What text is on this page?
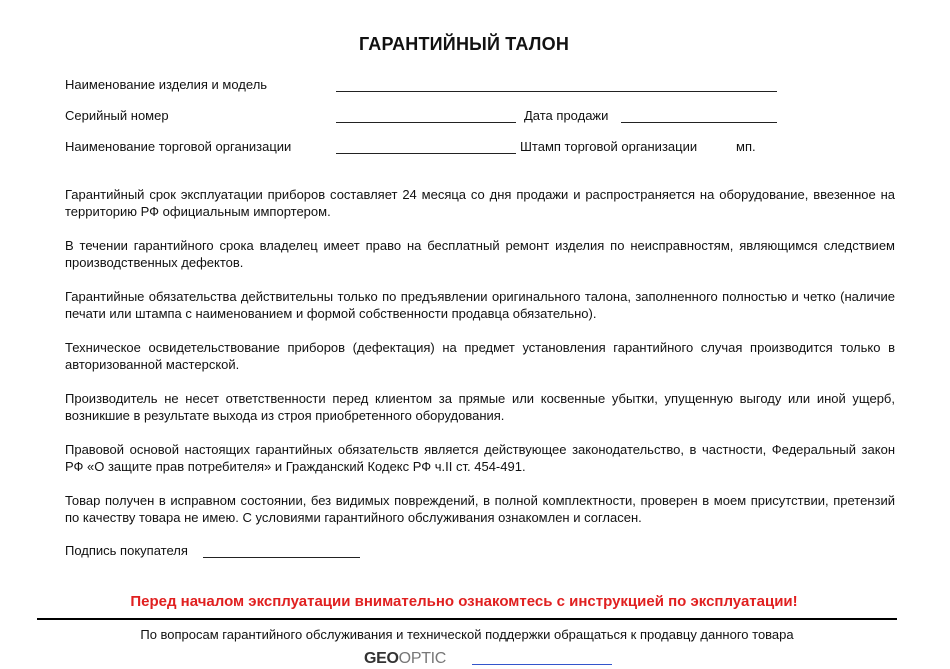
ГАРАНТИЙНЫЙ ТАЛОН
Наименование изделия и модель
Серийный номер	Дата продажи
Наименование торговой организации	Штамп торговой организации	мп.
Гарантийный срок эксплуатации приборов составляет 24 месяца со дня продажи и распространяется на оборудование, ввезенное на территорию РФ официальным импортером.
В течении гарантийного срока владелец имеет право на бесплатный ремонт изделия по неисправностям, являющимся следствием производственных дефектов.
Гарантийные обязательства действительны только по предъявлении оригинального талона, заполненного полностью и четко (наличие печати или штампа с наименованием и формой собственности продавца обязательно).
Техническое освидетельствование приборов (дефектация) на предмет установления гарантийного случая производится только в авторизованной мастерской.
Производитель не несет ответственности перед клиентом за прямые или косвенные убытки, упущенную выгоду или иной ущерб, возникшие в результате выхода из строя приобретенного оборудования.
Правовой основой настоящих гарантийных обязательств является действующее законодательство, в частности, Федеральный закон РФ «О защите прав потребителя» и Гражданский Кодекс РФ ч.II ст. 454-491.
Товар получен в исправном состоянии, без видимых повреждений, в полной комплектности, проверен в моем присутствии, претензий по качеству товара не имею. С условиями гарантийного обслуживания ознакомлен и согласен.
Подпись покупателя
Перед началом эксплуатации внимательно ознакомтесь с инструкцией по эксплуатации!
По вопросам гарантийного обслуживания и технической поддержки обращаться к продавцу данного товара
GEOOPTIC
